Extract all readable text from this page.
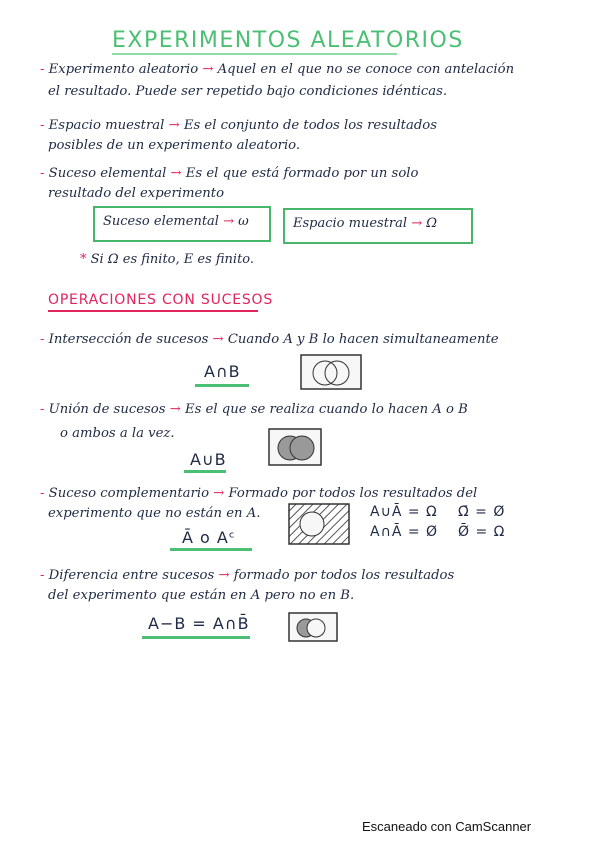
EXPERIMENTOS ALEATORIOS
- Experimento aleatorio → Aquel en el que no se conoce con antelación
el resultado. Puede ser repetido bajo condiciones idénticas.
- Espacio muestral → Es el conjunto de todos los resultados
posibles de un experimento aleatorio.
- Suceso elemental → Es el que está formado por un solo
resultado del experimento
Suceso elemental → ω	Espacio muestral → Ω
* Si Ω es finito, E es finito.
OPERACIONES CON SUCESOS
- Intersección de sucesos → Cuando A y B lo hacen simultaneamente
A∩B
- Unión de sucesos → Es el que se realiza cuando lo hacen A o B
o ambos a la vez.
A∪B
- Suceso complementario → Formado por todos los resultados del
experimento que no están en A.
Ā o Aᶜ
A∪Ā = Ω
A∩Ā = Ø
Ω̄ = Ø
Ø̄ = Ω
- Diferencia entre sucesos → formado por todos los resultados
del experimento que están en A pero no en B.
A−B = A∩B̄
Escaneado con CamScanner
